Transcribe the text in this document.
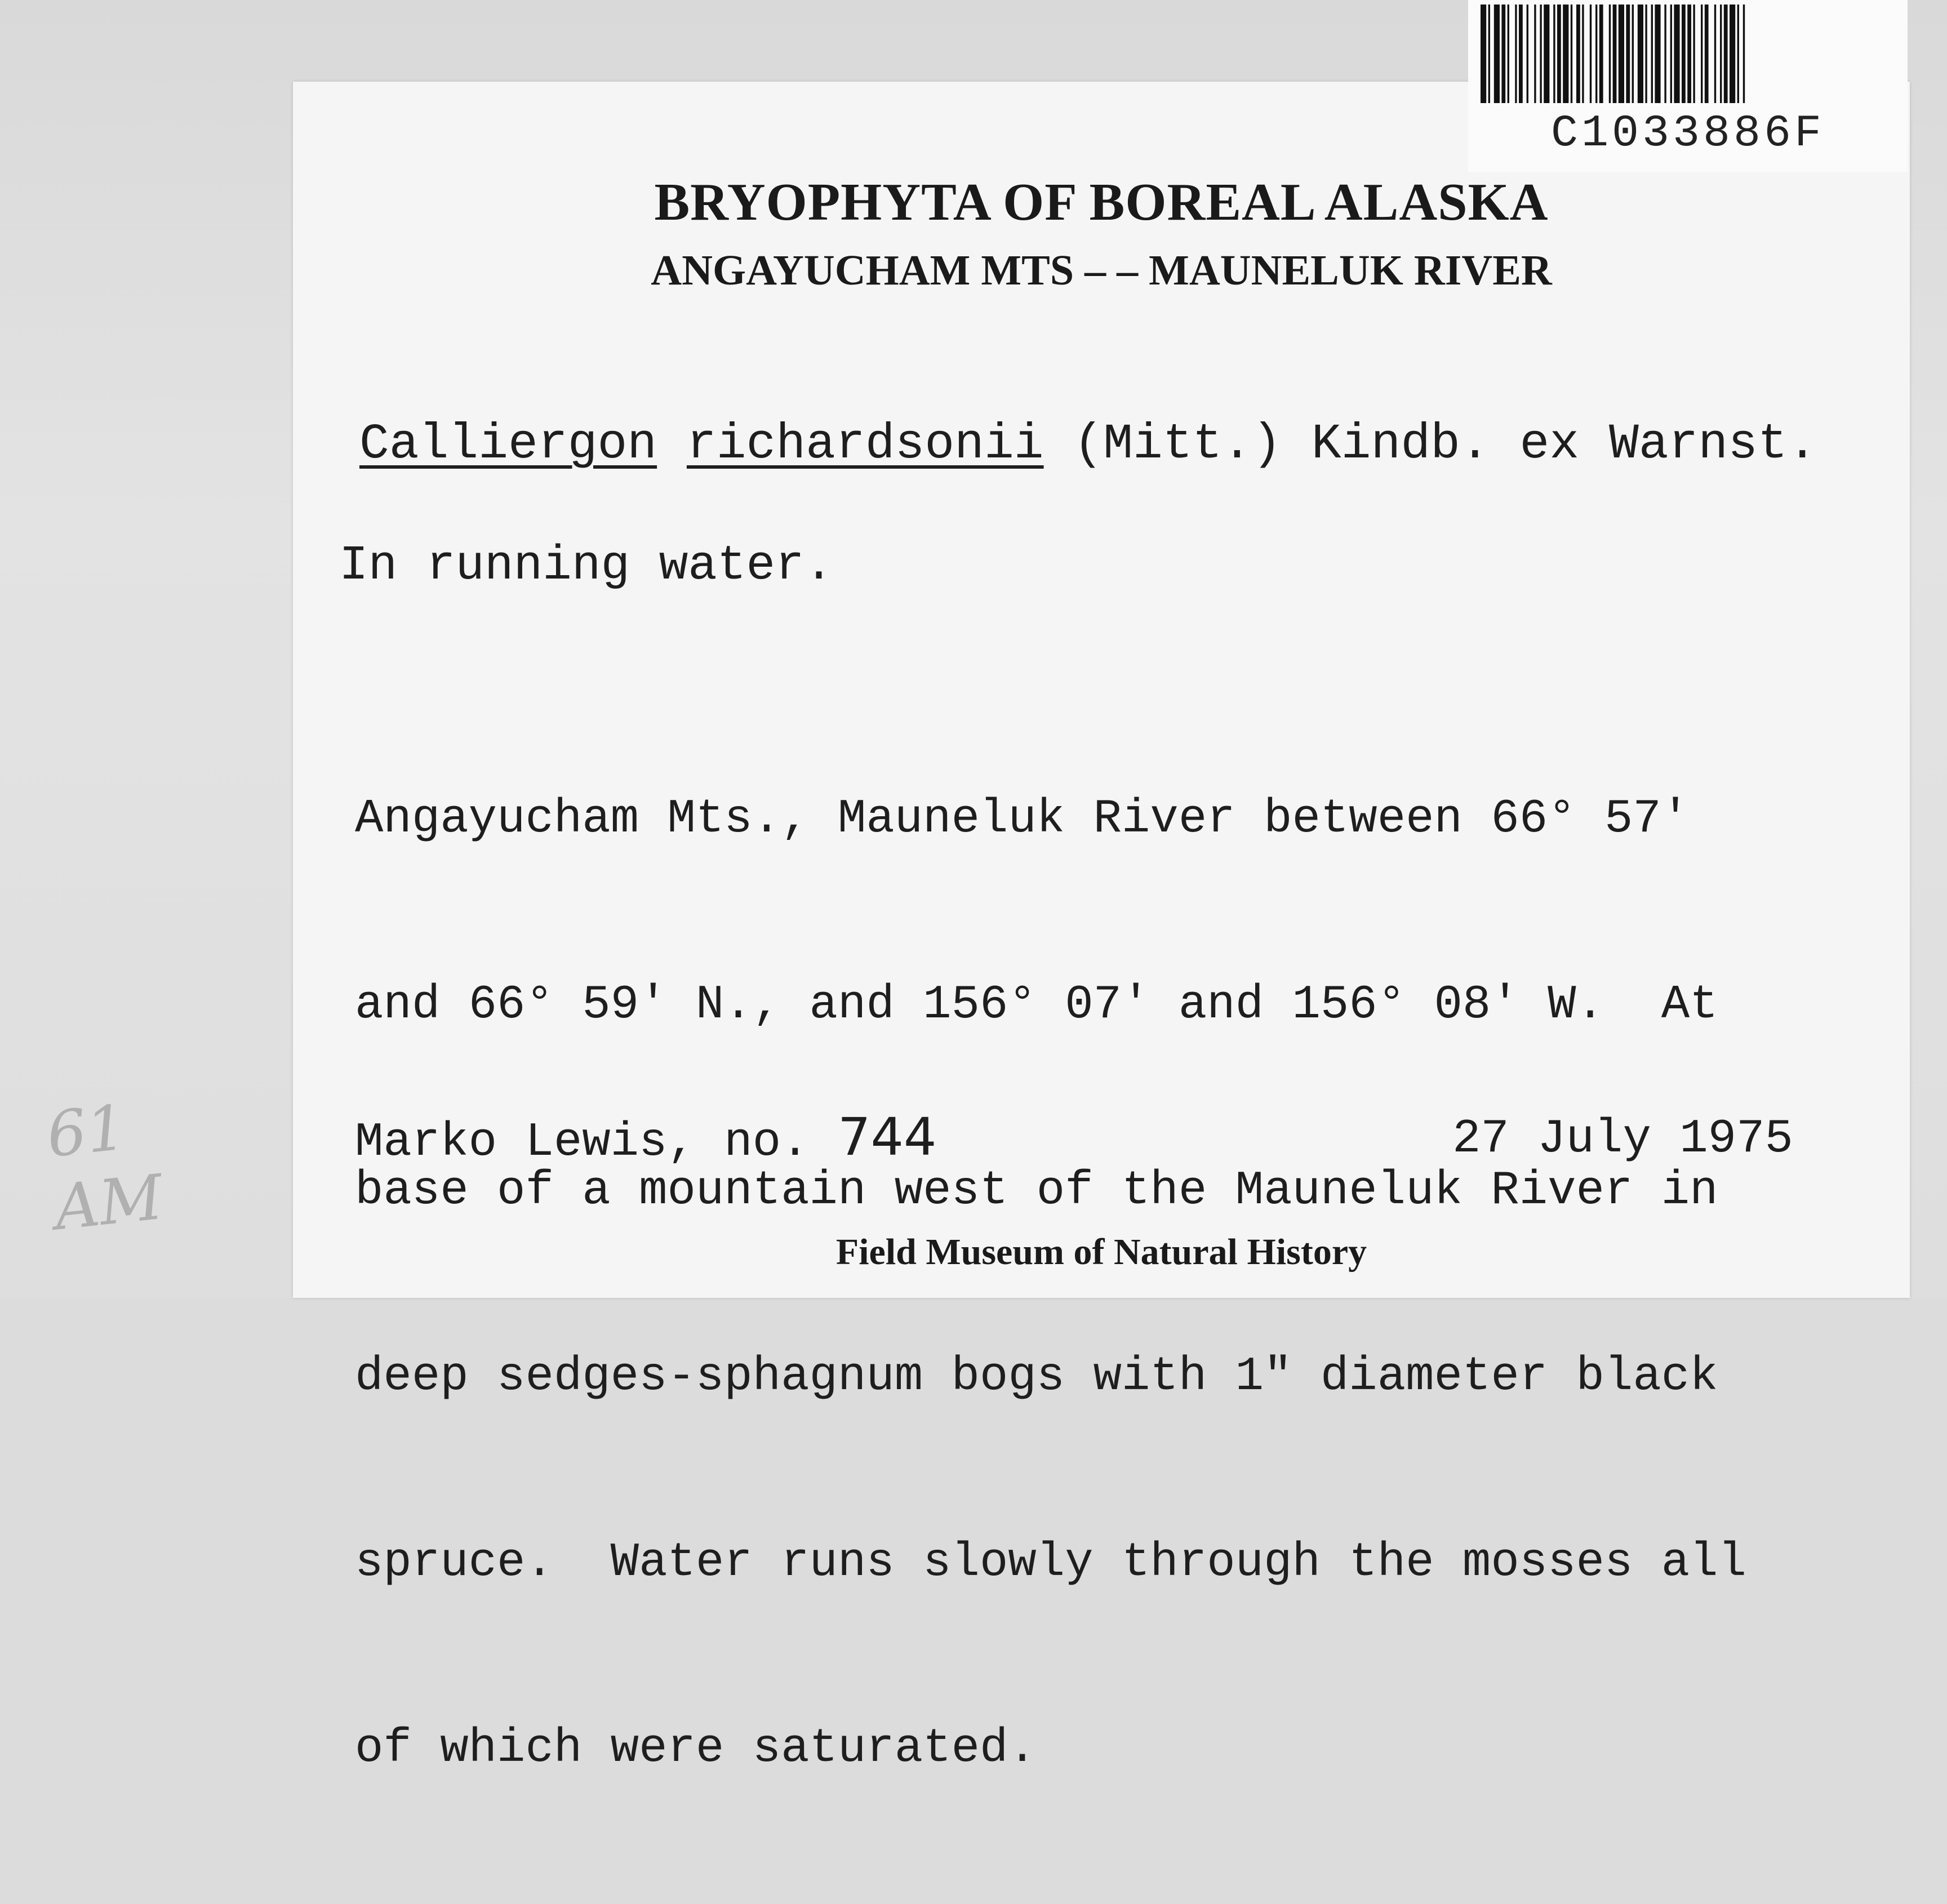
61
AM
BRYOPHYTA OF BOREAL ALASKA
ANGAYUCHAM MTS – – MAUNELUK RIVER
Calliergon richardsonii (Mitt.) Kindb. ex Warnst.
In running water.

Angayucham Mts., Mauneluk River between 66° 57'

and 66° 59' N., and 156° 07' and 156° 08' W.  At

base of a mountain west of the Mauneluk River in

deep sedges-sphagnum bogs with 1" diameter black

spruce.  Water runs slowly through the mosses all

of which were saturated.

Marko Lewis, no. 744	27 July 1975
Field Museum of Natural History
C1033886F
